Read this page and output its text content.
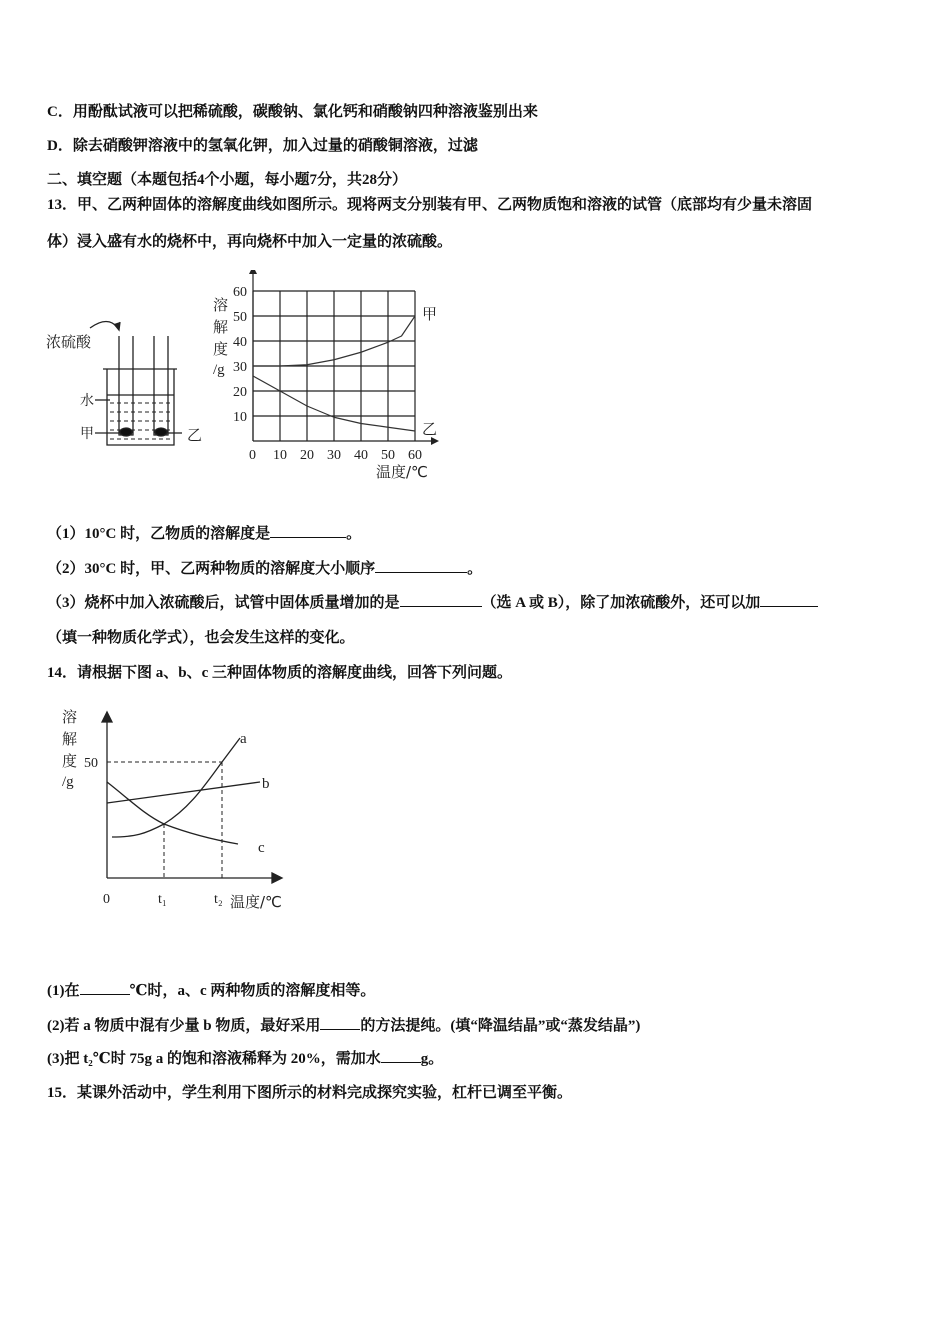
C．用酚酞试液可以把稀硫酸，碳酸钠、氯化钙和硝酸钠四种溶液鉴别出来
D．除去硝酸钾溶液中的氢氧化钾，加入过量的硝酸铜溶液，过滤
二、填空题（本题包括4个小题，每小题7分，共28分）
13．甲、乙两种固体的溶解度曲线如图所示。现将两支分别装有甲、乙两物质饱和溶液的试管（底部均有少量未溶固
体）浸入盛有水的烧杯中，再向烧杯中加入一定量的浓硫酸。
浓硫酸
水
甲	乙
0 10 20 30 40 50 60
10
20
30
40
50
60
溶
解
度
/g
甲
乙
温度/℃
（1）10°C 时，乙物质的溶解度是	。
（2）30°C 时，甲、乙两种物质的溶解度大小顺序	。
（3）烧杯中加入浓硫酸后，试管中固体质量增加的是	（选 A 或 B），除了加浓硫酸外，还可以加
（填一种物质化学式），也会发生这样的变化。
14．请根据下图 a、b、c 三种固体物质的溶解度曲线，回答下列问题。
溶
解
度
/g
50
0	t₁	t₂ 温度/℃
a
b
c
(1)在	℃时，a、c 两种物质的溶解度相等。
(2)若 a 物质中混有少量 b 物质，最好采用	的方法提纯。(填“降温结晶”或“蒸发结晶”)
(3)把 t₂℃时 75g a 的饱和溶液稀释为 20%，需加水	g。
15．某课外活动中，学生利用下图所示的材料完成探究实验，杠杆已调至平衡。
